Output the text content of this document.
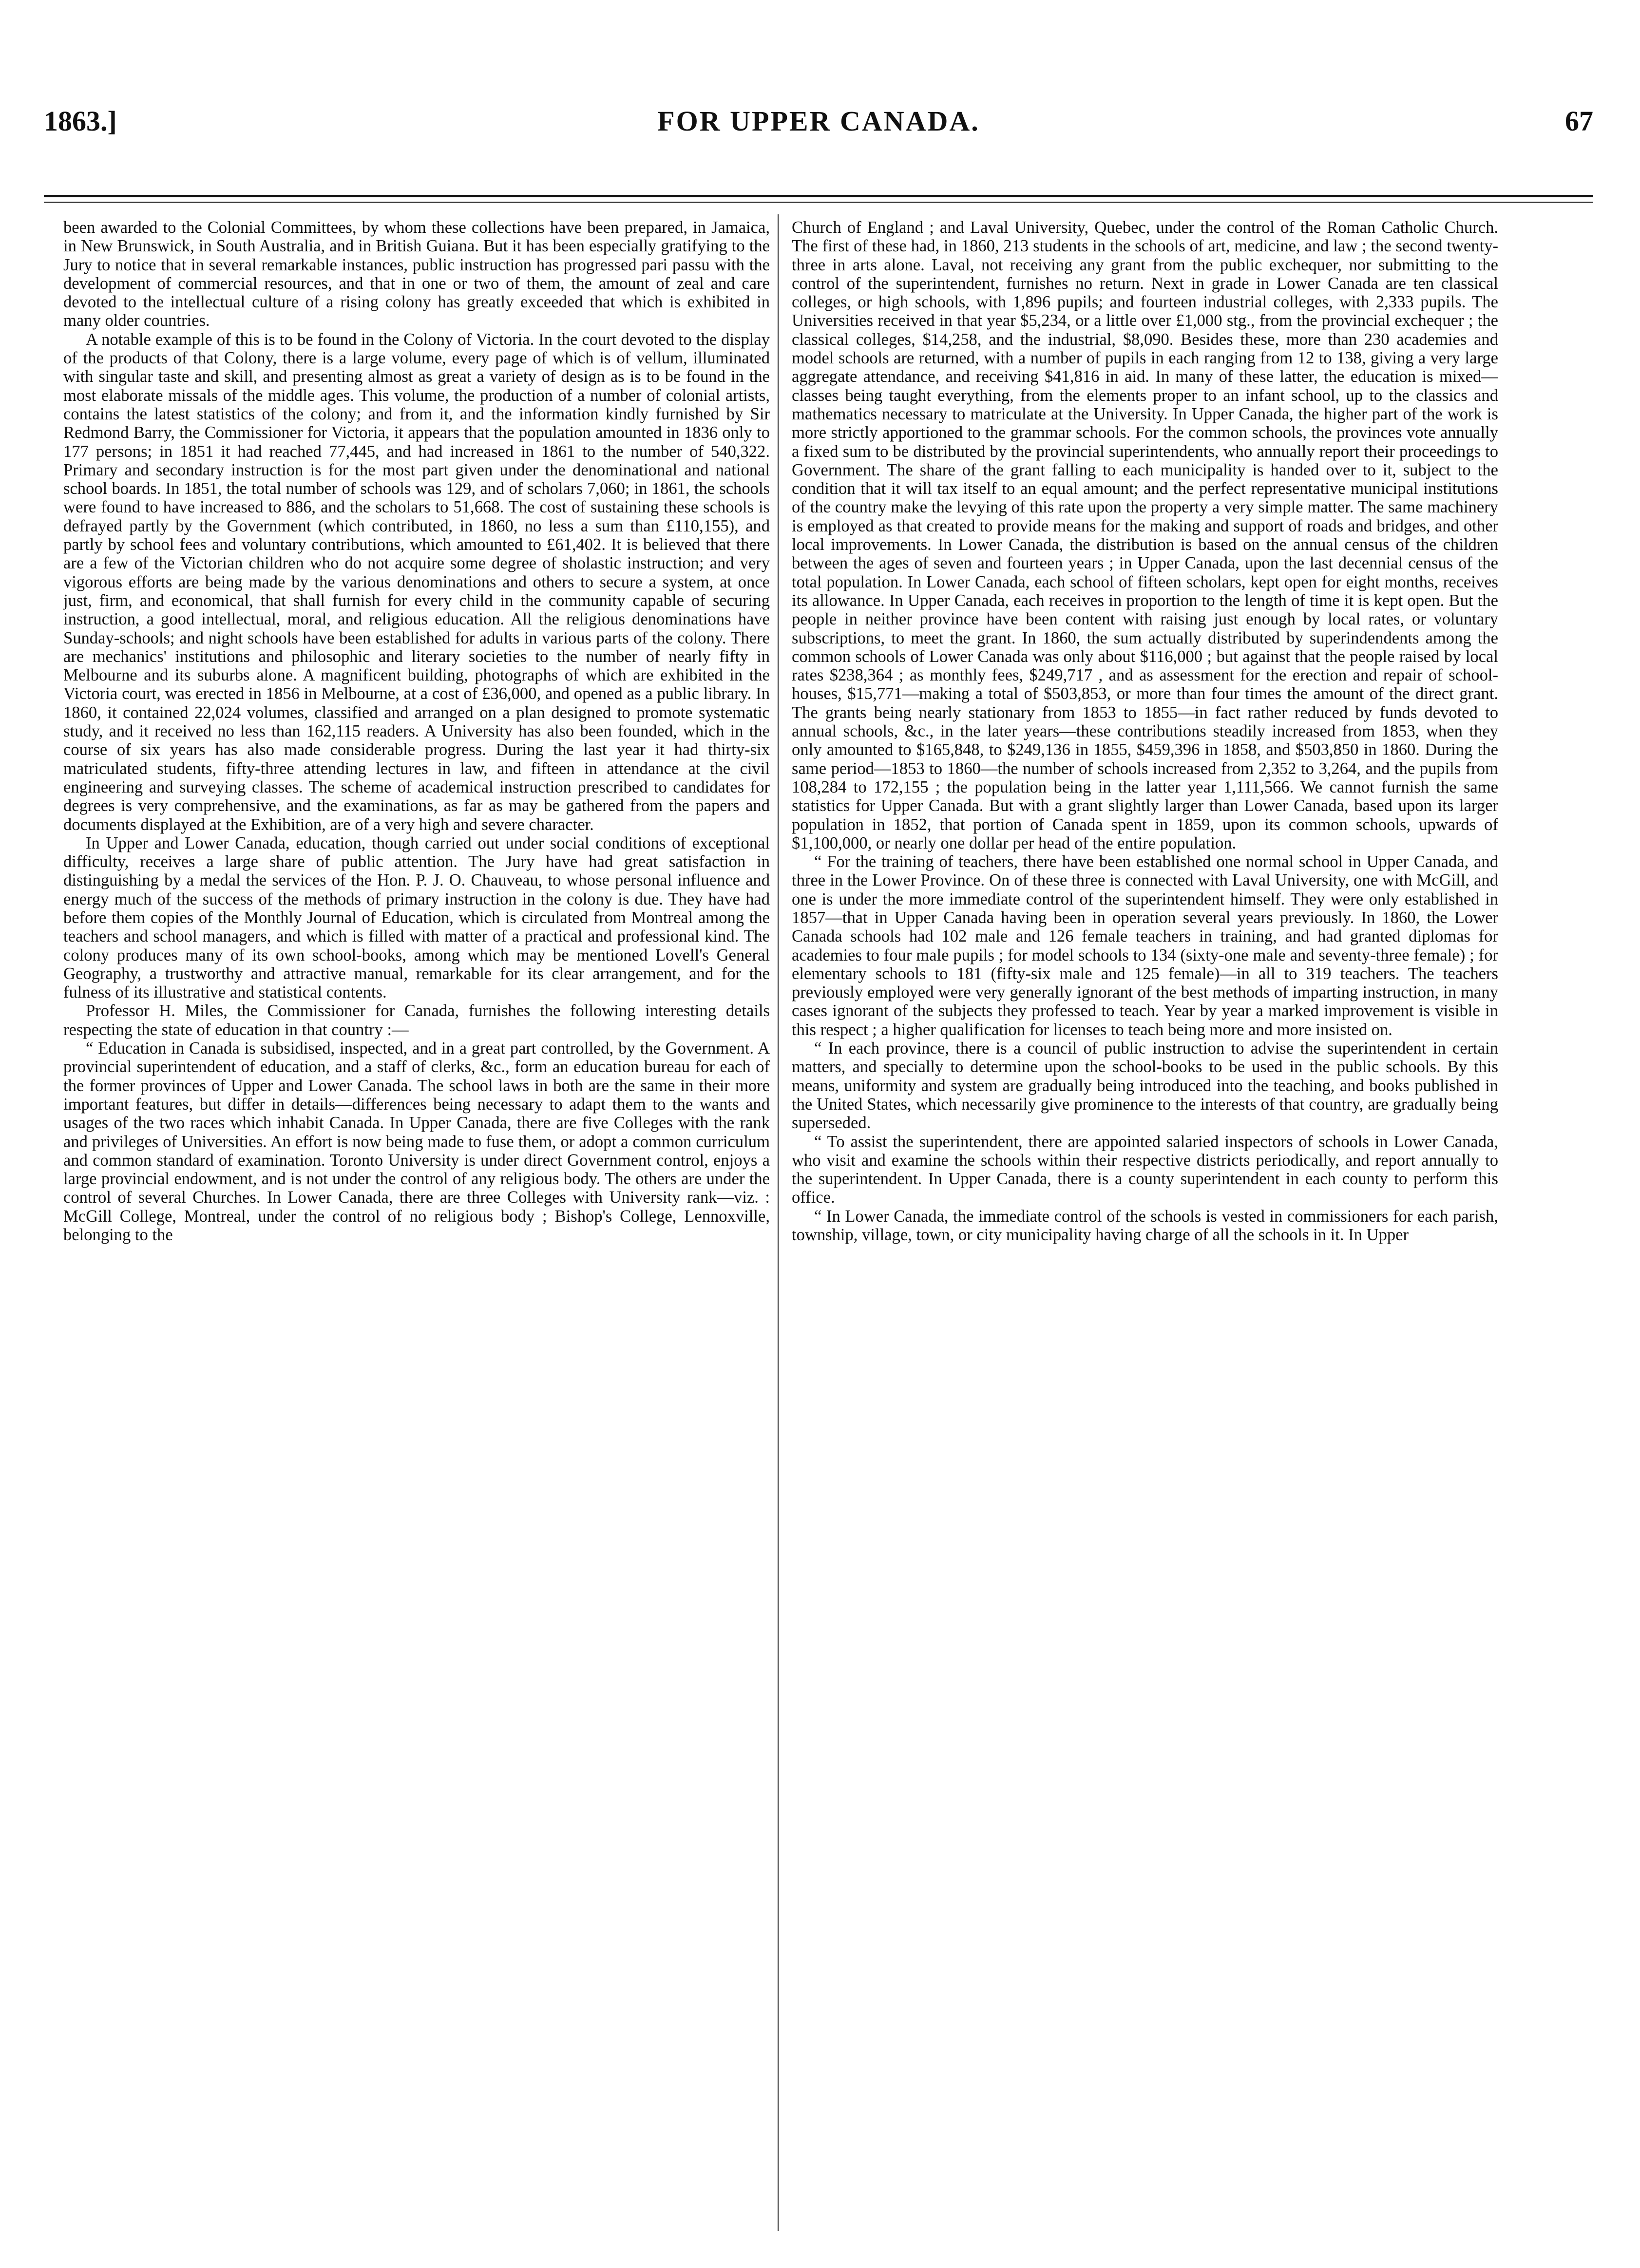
1863.]	FOR UPPER CANADA.	67

been awarded to the Colonial Committees, by whom these collections have been prepared, in Jamaica, in New Brunswick, in South Australia, and in British Guiana. But it has been especially gratifying to the Jury to notice that in several remarkable instances, public instruction has progressed pari passu with the development of commercial resources, and that in one or two of them, the amount of zeal and care devoted to the intellectual culture of a rising colony has greatly exceeded that which is exhibited in many older countries.

A notable example of this is to be found in the Colony of Victoria. In the court devoted to the display of the products of that Colony, there is a large volume, every page of which is of vellum, illuminated with singular taste and skill, and presenting almost as great a variety of design as is to be found in the most elaborate missals of the middle ages. This volume, the production of a number of colonial artists, contains the latest statistics of the colony; and from it, and the information kindly furnished by Sir Redmond Barry, the Commissioner for Victoria, it appears that the population amounted in 1836 only to 177 persons; in 1851 it had reached 77,445, and had increased in 1861 to the number of 540,322. Primary and secondary instruction is for the most part given under the denominational and national school boards. In 1851, the total number of schools was 129, and of scholars 7,060; in 1861, the schools were found to have increased to 886, and the scholars to 51,668. The cost of sustaining these schools is defrayed partly by the Government (which contributed, in 1860, no less a sum than £110,155), and partly by school fees and voluntary contributions, which amounted to £61,402. It is believed that there are a few of the Victorian children who do not acquire some degree of sholastic instruction; and very vigorous efforts are being made by the various denominations and others to secure a system, at once just, firm, and economical, that shall furnish for every child in the community capable of securing instruction, a good intellectual, moral, and religious education. All the religious denominations have Sunday-schools; and night schools have been established for adults in various parts of the colony. There are mechanics' institutions and philosophic and literary societies to the number of nearly fifty in Melbourne and its suburbs alone. A magnificent building, photographs of which are exhibited in the Victoria court, was erected in 1856 in Melbourne, at a cost of £36,000, and opened as a public library. In 1860, it contained 22,024 volumes, classified and arranged on a plan designed to promote systematic study, and it received no less than 162,115 readers. A University has also been founded, which in the course of six years has also made considerable progress. During the last year it had thirty-six matriculated students, fifty-three attending lectures in law, and fifteen in attendance at the civil engineering and surveying classes. The scheme of academical instruction prescribed to candidates for degrees is very comprehensive, and the examinations, as far as may be gathered from the papers and documents displayed at the Exhibition, are of a very high and severe character.

In Upper and Lower Canada, education, though carried out under social conditions of exceptional difficulty, receives a large share of public attention. The Jury have had great satisfaction in distinguishing by a medal the services of the Hon. P. J. O. Chauveau, to whose personal influence and energy much of the success of the methods of primary instruction in the colony is due. They have had before them copies of the Monthly Journal of Education, which is circulated from Montreal among the teachers and school managers, and which is filled with matter of a practical and professional kind. The colony produces many of its own school-books, among which may be mentioned Lovell's General Geography, a trustworthy and attractive manual, remarkable for its clear arrangement, and for the fulness of its illustrative and statistical contents.

Professor H. Miles, the Commissioner for Canada, furnishes the following interesting details respecting the state of education in that country :—

“ Education in Canada is subsidised, inspected, and in a great part controlled, by the Government. A provincial superintendent of education, and a staff of clerks, &c., form an education bureau for each of the former provinces of Upper and Lower Canada. The school laws in both are the same in their more important features, but differ in details—differences being necessary to adapt them to the wants and usages of the two races which inhabit Canada. In Upper Canada, there are five Colleges with the rank and privileges of Universities. An effort is now being made to fuse them, or adopt a common curriculum and common standard of examination. Toronto University is under direct Government control, enjoys a large provincial endowment, and is not under the control of any religious body. The others are under the control of several Churches. In Lower Canada, there are three Colleges with University rank—viz. : McGill College, Montreal, under the control of no religious body ; Bishop's College, Lennoxville, belonging to the

Church of England ; and Laval University, Quebec, under the control of the Roman Catholic Church. The first of these had, in 1860, 213 students in the schools of art, medicine, and law ; the second twenty-three in arts alone. Laval, not receiving any grant from the public exchequer, nor submitting to the control of the superintendent, furnishes no return. Next in grade in Lower Canada are ten classical colleges, or high schools, with 1,896 pupils; and fourteen industrial colleges, with 2,333 pupils. The Universities received in that year $5,234, or a little over £1,000 stg., from the provincial exchequer ; the classical colleges, $14,258, and the industrial, $8,090. Besides these, more than 230 academies and model schools are returned, with a number of pupils in each ranging from 12 to 138, giving a very large aggregate attendance, and receiving $41,816 in aid. In many of these latter, the education is mixed—classes being taught everything, from the elements proper to an infant school, up to the classics and mathematics necessary to matriculate at the University. In Upper Canada, the higher part of the work is more strictly apportioned to the grammar schools. For the common schools, the provinces vote annually a fixed sum to be distributed by the provincial superintendents, who annually report their proceedings to Government. The share of the grant falling to each municipality is handed over to it, subject to the condition that it will tax itself to an equal amount; and the perfect representative municipal institutions of the country make the levying of this rate upon the property a very simple matter. The same machinery is employed as that created to provide means for the making and support of roads and bridges, and other local improvements. In Lower Canada, the distribution is based on the annual census of the children between the ages of seven and fourteen years ; in Upper Canada, upon the last decennial census of the total population. In Lower Canada, each school of fifteen scholars, kept open for eight months, receives its allowance. In Upper Canada, each receives in proportion to the length of time it is kept open. But the people in neither province have been content with raising just enough by local rates, or voluntary subscriptions, to meet the grant. In 1860, the sum actually distributed by superindendents among the common schools of Lower Canada was only about $116,000 ; but against that the people raised by local rates $238,364 ; as monthly fees, $249,717 , and as assessment for the erection and repair of school-houses, $15,771—making a total of $503,853, or more than four times the amount of the direct grant. The grants being nearly stationary from 1853 to 1855—in fact rather reduced by funds devoted to annual schools, &c., in the later years—these contributions steadily increased from 1853, when they only amounted to $165,848, to $249,136 in 1855, $459,396 in 1858, and $503,850 in 1860. During the same period—1853 to 1860—the number of schools increased from 2,352 to 3,264, and the pupils from 108,284 to 172,155 ; the population being in the latter year 1,111,566. We cannot furnish the same statistics for Upper Canada. But with a grant slightly larger than Lower Canada, based upon its larger population in 1852, that portion of Canada spent in 1859, upon its common schools, upwards of $1,100,000, or nearly one dollar per head of the entire population.

“ For the training of teachers, there have been established one normal school in Upper Canada, and three in the Lower Province. On of these three is connected with Laval University, one with McGill, and one is under the more immediate control of the superintendent himself. They were only established in 1857—that in Upper Canada having been in operation several years previously. In 1860, the Lower Canada schools had 102 male and 126 female teachers in training, and had granted diplomas for academies to four male pupils ; for model schools to 134 (sixty-one male and seventy-three female) ; for elementary schools to 181 (fifty-six male and 125 female)—in all to 319 teachers. The teachers previously employed were very generally ignorant of the best methods of imparting instruction, in many cases ignorant of the subjects they professed to teach. Year by year a marked improvement is visible in this respect ; a higher qualification for licenses to teach being more and more insisted on.

“ In each province, there is a council of public instruction to advise the superintendent in certain matters, and specially to determine upon the school-books to be used in the public schools. By this means, uniformity and system are gradually being introduced into the teaching, and books published in the United States, which necessarily give prominence to the interests of that country, are gradually being superseded.

“ To assist the superintendent, there are appointed salaried inspectors of schools in Lower Canada, who visit and examine the schools within their respective districts periodically, and report annually to the superintendent. In Upper Canada, there is a county superintendent in each county to perform this office.

“ In Lower Canada, the immediate control of the schools is vested in commissioners for each parish, township, village, town, or city municipality having charge of all the schools in it. In Upper
